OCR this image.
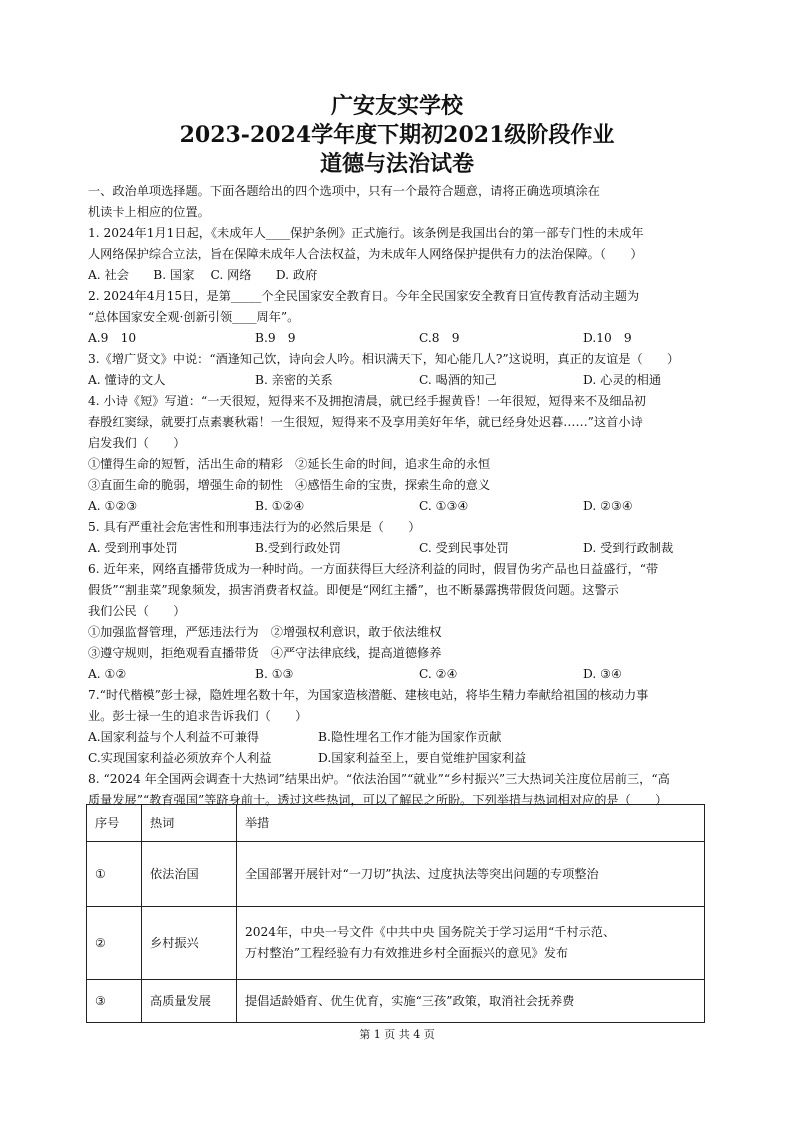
广安友实学校
2023-2024学年度下期初2021级阶段作业
道德与法治试卷
一、政治单项选择题。下面各题给出的四个选项中，只有一个最符合题意，请将正确选项填涂在
机读卡上相应的位置。
1. 2024年1月1日起，《未成年人____保护条例》正式施行。该条例是我国出台的第一部专门性的未成年
人网络保护综合立法，旨在保障未成年人合法权益，为未成年人网络保护提供有力的法治保障。（　　）
A. 社会　　B. 国家　 C. 网络　　D. 政府
2. 2024年4月15日，是第_____个全民国家安全教育日。今年全民国家安全教育日宣传教育活动主题为
“总体国家安全观·创新引领____周年”。
A.9　10	B.9　9	C.8　9	D.10　9
3.《增广贤文》中说：“酒逢知己饮，诗向会人吟。相识满天下，知心能几人?”这说明，真正的友谊是（　　）
A. 懂诗的文人	B. 亲密的关系	C. 喝酒的知己	D. 心灵的相通
4. 小诗《短》写道：“一天很短，短得来不及拥抱清晨，就已经手握黄昏！一年很短，短得来不及细品初
春殷红窦绿，就要打点素裹秋霜！一生很短，短得来不及享用美好年华，就已经身处迟暮……”这首小诗
启发我们（　　）
①懂得生命的短暂，活出生命的精彩　②延长生命的时间，追求生命的永恒
③直面生命的脆弱，增强生命的韧性　④感悟生命的宝贵，探索生命的意义
A. ①②③	B. ①②④	C. ①③④	D. ②③④
5. 具有严重社会危害性和刑事违法行为的必然后果是（　　）
A. 受到刑事处罚	B.受到行政处罚	C. 受到民事处罚	D. 受到行政制裁
6. 近年来，网络直播带货成为一种时尚。一方面获得巨大经济利益的同时，假冒伪劣产品也日益盛行，“带
假货”“割韭菜”现象频发，损害消费者权益。即便是“网红主播”，也不断暴露携带假货问题。这警示
我们公民（　　）
①加强监督管理，严惩违法行为　②增强权利意识，敢于依法维权
③遵守规则，拒绝观看直播带货　④严守法律底线，提高道德修养
A. ①②	B. ①③	C. ②④	D. ③④
7.“时代楷模”彭士禄，隐姓埋名数十年，为国家造核潜艇、建核电站，将毕生精力奉献给祖国的核动力事
业。彭士禄一生的追求告诉我们（　　）
A.国家利益与个人利益不可兼得	B.隐性埋名工作才能为国家作贡献
C.实现国家利益必须放弃个人利益	D.国家利益至上，要自觉维护国家利益
8. “2024 年全国两会调查十大热词”结果出炉。“依法治国”“就业”“乡村振兴”三大热词关注度位居前三，“高
质量发展”“教育强国”等跻身前十。透过这些热词，可以了解民之所盼。下列举措与热词相对应的是（　　）
序号	热词	举措
①	依法治国	全国部署开展针对“一刀切”执法、过度执法等突出问题的专项整治

②	乡村振兴	2024年，中央一号文件《中共中央 国务院关于学习运用“千村示范、
万村整治”工程经验有力有效推进乡村全面振兴的意见》发布

③	高质量发展	提倡适龄婚育、优生优育，实施“三孩”政策，取消社会抚养费
第 1 页 共 4 页
